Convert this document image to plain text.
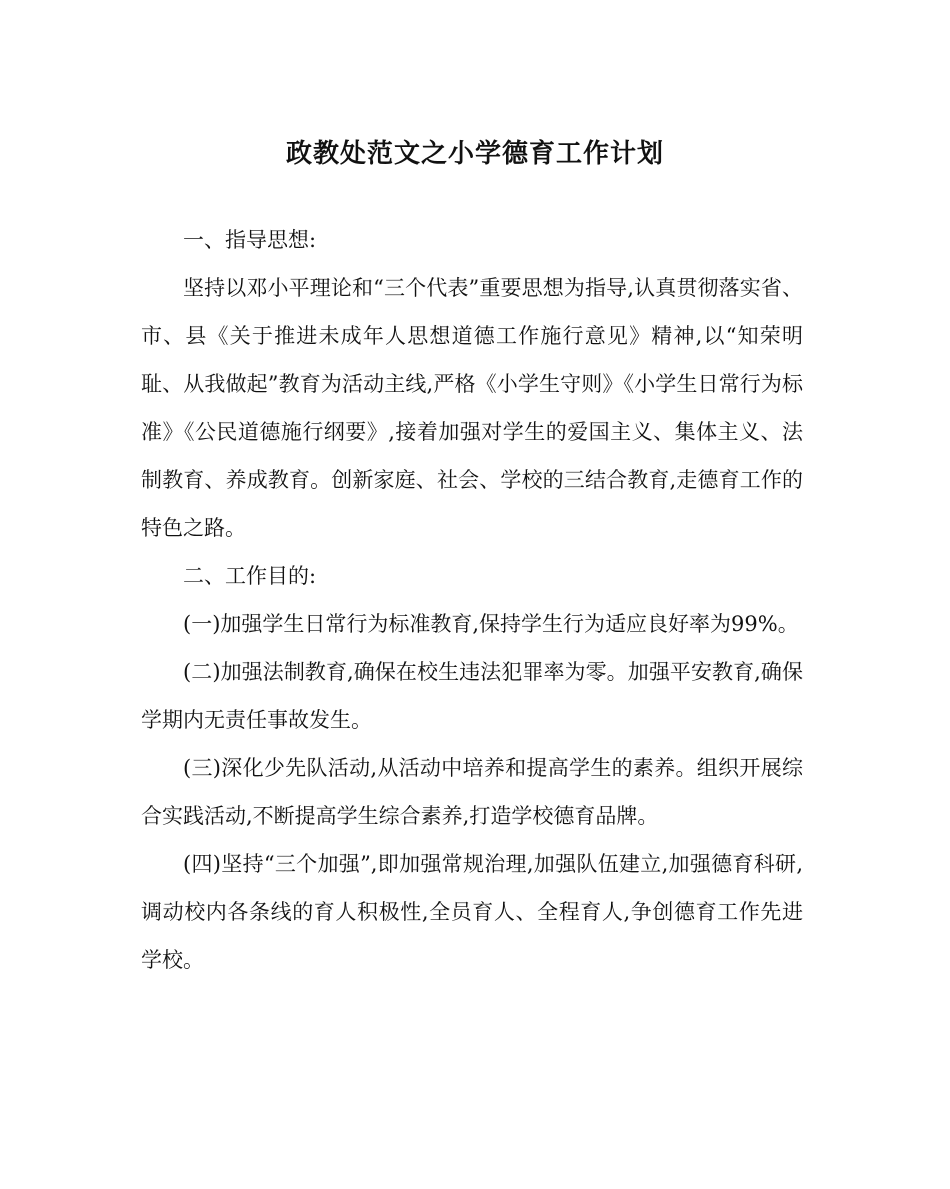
政教处范文之小学德育工作计划

一、指导思想:

坚持以邓小平理论和“三个代表”重要思想为指导,认真贯彻落实省、市、县《关于推进未成年人思想道德工作施行意见》精神,以“知荣明耻、从我做起”教育为活动主线,严格《小学生守则》《小学生日常行为标准》《公民道德施行纲要》,接着加强对学生的爱国主义、集体主义、法制教育、养成教育。创新家庭、社会、学校的三结合教育,走德育工作的特色之路。

二、工作目的:

(一)加强学生日常行为标准教育,保持学生行为适应良好率为99%。

(二)加强法制教育,确保在校生违法犯罪率为零。加强平安教育,确保学期内无责任事故发生。

(三)深化少先队活动,从活动中培养和提高学生的素养。组织开展综合实践活动,不断提高学生综合素养,打造学校德育品牌。

(四)坚持“三个加强”,即加强常规治理,加强队伍建立,加强德育科研,调动校内各条线的育人积极性,全员育人、全程育人,争创德育工作先进学校。
